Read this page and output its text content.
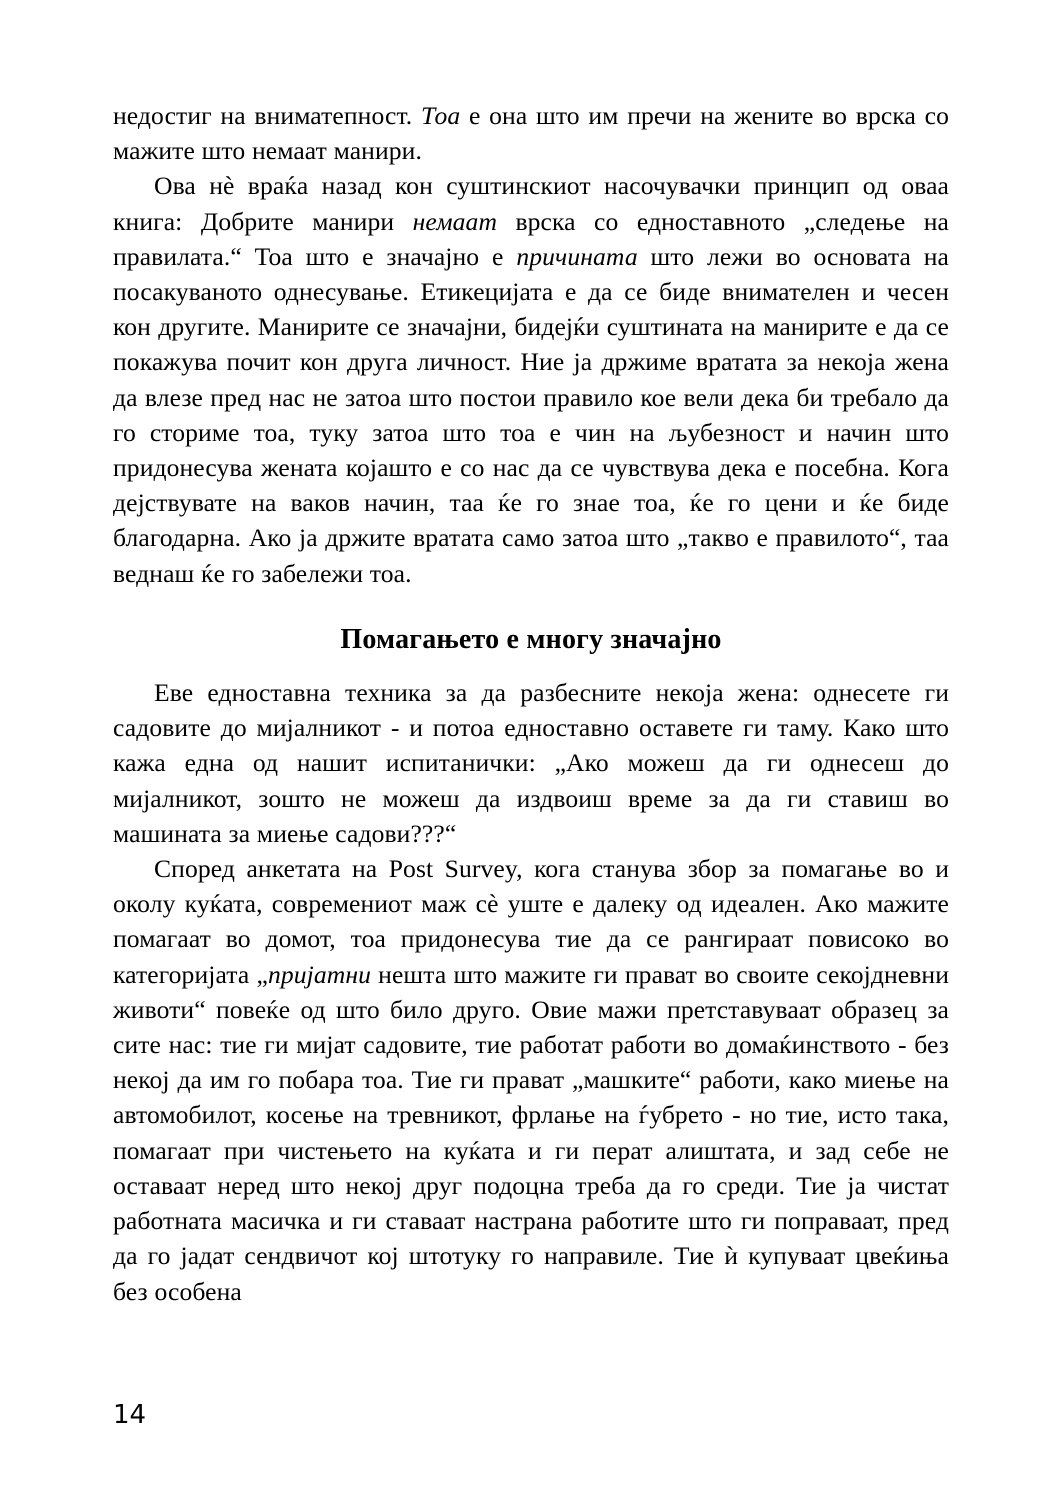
недостиг на вниматепност. Тоа е она што им пречи на жените во врска со мажите што немаат манири.

Ова нѐ враќа назад кон суштинскиот насочувачки принцип од оваа книга: Добрите манири немаат врска со едноставното „следење на правилата.“ Тоа што е значајно е причината што лежи во основата на посакуваното однесување. Етикецијата е да се биде внимателен и чесен кон другите. Манирите се значајни, бидејќи суштината на манирите е да се покажува почит кон друга личност. Ние ја држиме вратата за некоја жена да влезе пред нас не затоа што постои правило кое вели дека би требало да го сториме тоа, туку затоа што тоа е чин на љубезност и начин што придонесува жената којашто е со нас да се чувствува дека е посебна. Кога дејствувате на ваков начин, таа ќе го знае тоа, ќе го цени и ќе биде благодарна. Ако ја држите вратата само затоа што „такво е правилото“, таа веднаш ќе го забележи тоа.

Помагањето е многу значајно

Еве едноставна техника за да разбесните некоја жена: однесете ги садовите до мијалникот - и потоа едноставно оставете ги таму. Како што кажа една од нашит испитанички: „Ако можеш да ги однесеш до мијалникот, зошто не можеш да издвоиш време за да ги ставиш во машината за миење садови???“

Според анкетата на Post Survey, кога станува збор за помагање во и околу куќата, современиот маж сѐ уште е далеку од идеален. Ако мажите помагаат во домот, тоа придонесува тие да се рангираат повисоко во категоријата „пријатни нешта што мажите ги прават во своите секојдневни животи“ повеќе од што било друго. Овие мажи претставуваат образец за сите нас: тие ги мијат садовите, тие работат работи во домаќинството - без некој да им го побара тоа. Тие ги прават „машките“ работи, како миење на автомобилот, косење на тревникот, фрлање на ѓубрето - но тие, исто така, помагаат при чистењето на куќата и ги перат алиштата, и зад себе не оставаат неред што некој друг подоцна треба да го среди. Тие ја чистат работната масичка и ги ставаат настрана работите што ги поправаат, пред да го јадат сендвичот кој штотуку го направиле. Тие ѝ купуваат цвеќиња без особена

14
